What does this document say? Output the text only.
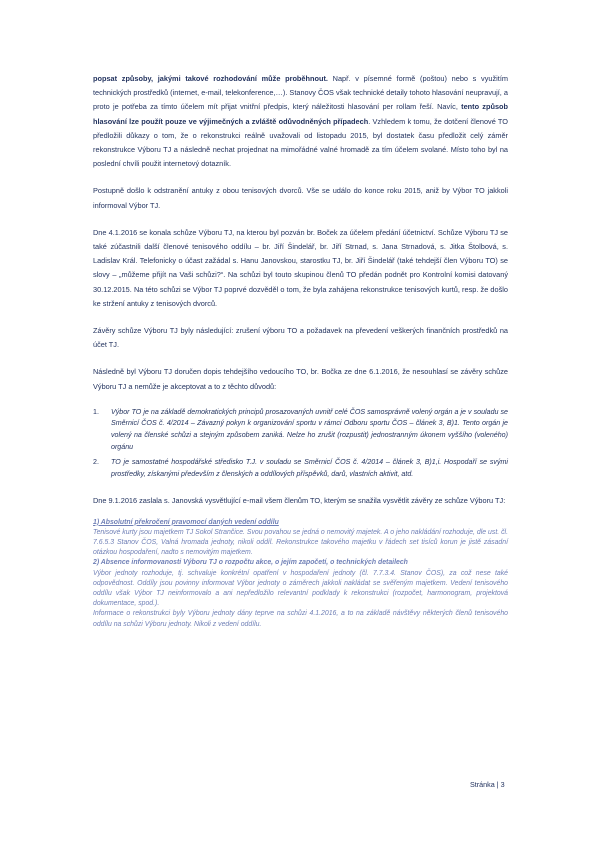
popsat způsoby, jakými takové rozhodování může proběhnout. Např. v písemné formě (poštou) nebo s využitím technických prostředků (internet, e-mail, telekonference,…). Stanovy ČOS však technické detaily tohoto hlasování neupravují, a proto je potřeba za tímto účelem mít přijat vnitřní předpis, který náležitosti hlasování per rollam řeší. Navíc, tento způsob hlasování lze použít pouze ve výjimečných a zvláště odůvodněných případech. Vzhledem k tomu, že dotčení členové TO předložili důkazy o tom, že o rekonstrukci reálně uvažovali od listopadu 2015, byl dostatek času předložit celý záměr rekonstrukce Výboru TJ a následně nechat projednat na mimořádné valné hromadě za tím účelem svolané. Místo toho byl na poslední chvíli použit internetový dotazník.

Postupně došlo k odstranění antuky z obou tenisových dvorců. Vše se událo do konce roku 2015, aniž by Výbor TO jakkoli informoval Výbor TJ.

Dne 4.1.2016 se konala schůze Výboru TJ, na kterou byl pozván br. Boček za účelem předání účetnictví. Schůze Výboru TJ se také zúčastnili další členové tenisového oddílu – br. Jiří Šindelář, br. Jiří Strnad, s. Jana Strnadová, s. Jitka Štolbová, s. Ladislav Král. Telefonicky o účast zažádal s. Hanu Janovskou, starostku TJ, br. Jiří Šindelář (také tehdejší člen Výboru TO) se slovy – „můžeme přijít na Vaši schůzi?“. Na schůzi byl touto skupinou členů TO předán podnět pro Kontrolní komisi datovaný 30.12.2015. Na této schůzi se Výbor TJ poprvé dozvěděl o tom, že byla zahájena rekonstrukce tenisových kurtů, resp. že došlo ke stržení antuky z tenisových dvorců.

Závěry schůze Výboru TJ byly následující: zrušení výboru TO a požadavek na převedení veškerých finančních prostředků na účet TJ.

Následně byl Výboru TJ doručen dopis tehdejšího vedoucího TO, br. Bočka ze dne 6.1.2016, že nesouhlasí se závěry schůze Výboru TJ a nemůže je akceptovat a to z těchto důvodů:

1. Výbor TO je na základě demokratických principů prosazovaných uvnitř celé ČOS samosprávně volený orgán a je v souladu se Směrnicí ČOS č. 4/2014 – Závazný pokyn k organizování sportu v rámci Odboru sportu ČOS – článek 3, B)1. Tento orgán je volený na členské schůzi a stejným způsobem zaniká. Nelze ho zrušit (rozpustit) jednostranným úkonem vyššího (voleného) orgánu
2. TO je samostatné hospodářské středisko T.J. v souladu se Směrnicí ČOS č. 4/2014 – článek 3, B)1,i. Hospodaří se svými prostředky, získanými především z členských a oddílových příspěvků, darů, vlastních aktivit, atd.

Dne 9.1.2016 zaslala s. Janovská vysvětlující e-mail všem členům TO, kterým se snažila vysvětlit závěry ze schůze Výboru TJ:

1) Absolutní překročení pravomocí daných vedení oddílu

Tenisové kurty jsou majetkem TJ Sokol Strančice. Svou povahou se jedná o nemovitý majetek. A o jeho nakládání rozhoduje, dle ust. čl. 7.6.5.3 Stanov ČOS, Valná hromada jednoty, nikoli oddíl. Rekonstrukce takového majetku v řádech set tisíců korun je jistě zásadní otázkou hospodaření, nadto s nemovitým majetkem.

2) Absence informovanosti Výboru TJ o rozpočtu akce, o jejím započetí, o technických detailech

Výbor jednoty rozhoduje, tj. schvaluje konkrétní opatření v hospodaření jednoty (čl. 7.7.3.4. Stanov ČOS), za což nese také odpovědnost. Oddíly jsou povinny informovat Výbor jednoty o záměrech jakkoli nakládat se svěřeným majetkem. Vedení tenisového oddílu však Výbor TJ neinformovalo a ani nepředložilo relevantní podklady k rekonstrukci (rozpočet, harmonogram, projektová dokumentace, spod.).

Informace o rekonstrukci byly Výboru jednoty dány teprve na schůzi 4.1.2016, a to na základě návštěvy některých členů tenisového oddílu na schůzi Výboru jednoty. Nikoli z vedení oddílu.

Stránka | 3
